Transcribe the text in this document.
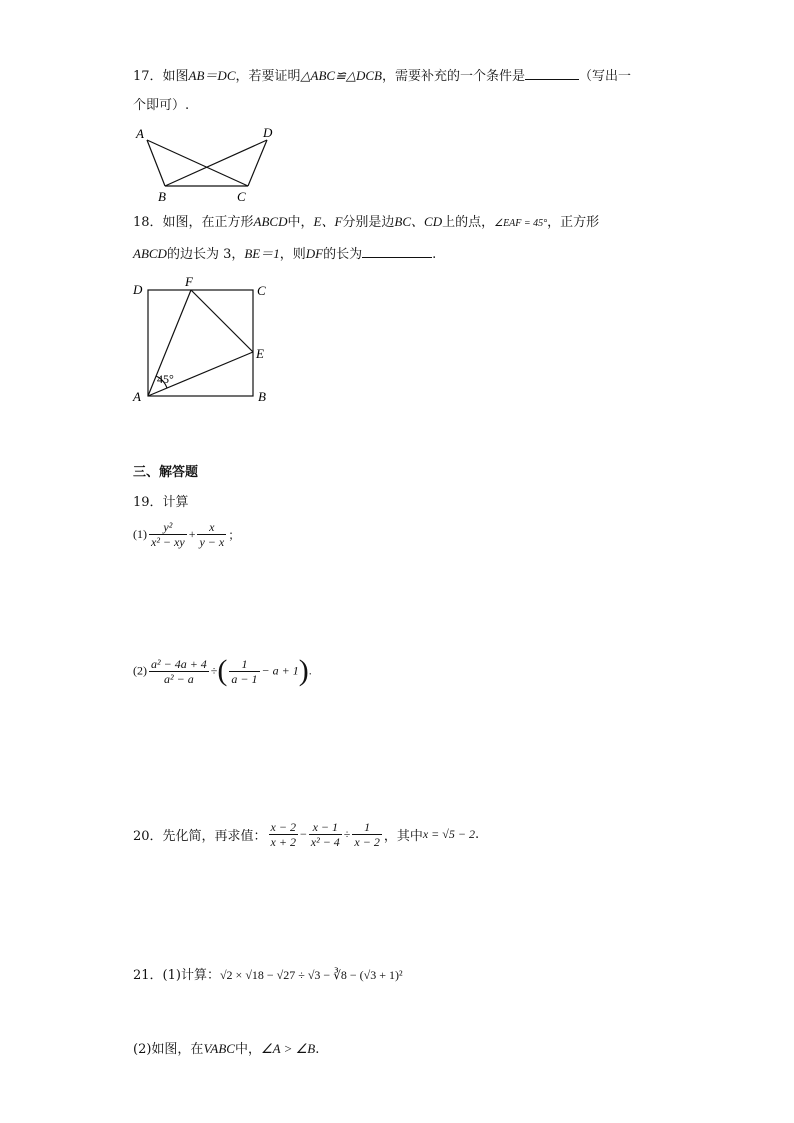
17．如图AB＝DC，若要证明△ABC≌△DCB，需要补充的一个条件是	（写出一
个即可）.
A	D
B	C
18．如图，在正方形ABCD中，E、F分别是边BC、CD上的点，∠EAF = 45°，正方形
ABCD的边长为 3，BE＝1，则DF的长为	.
D
F
C
E
A	B
45°
三、解答题
19．计算
$(1) \frac{\text{y²}}{\text{x² − xy}} + \frac{x}{y - x}$ ；
$(2) \frac{\text{a² − 4a + 4}}{\text{a² − a}}$ ÷( $\frac{1}{a - 1} - a + 1$).
20．先化简，再求值： $\frac{x - 2}{x + 2} - \frac{x - 1}{\text{x² − 4}} \div \frac{1}{x - 2}$ ，其中x = √5 − 2.
21．(1)计算：√2 × √18 − √27 ÷ √3 − ∛8 − (√3 + 1)²
(2)如图，在VABC中，∠A > ∠B.
